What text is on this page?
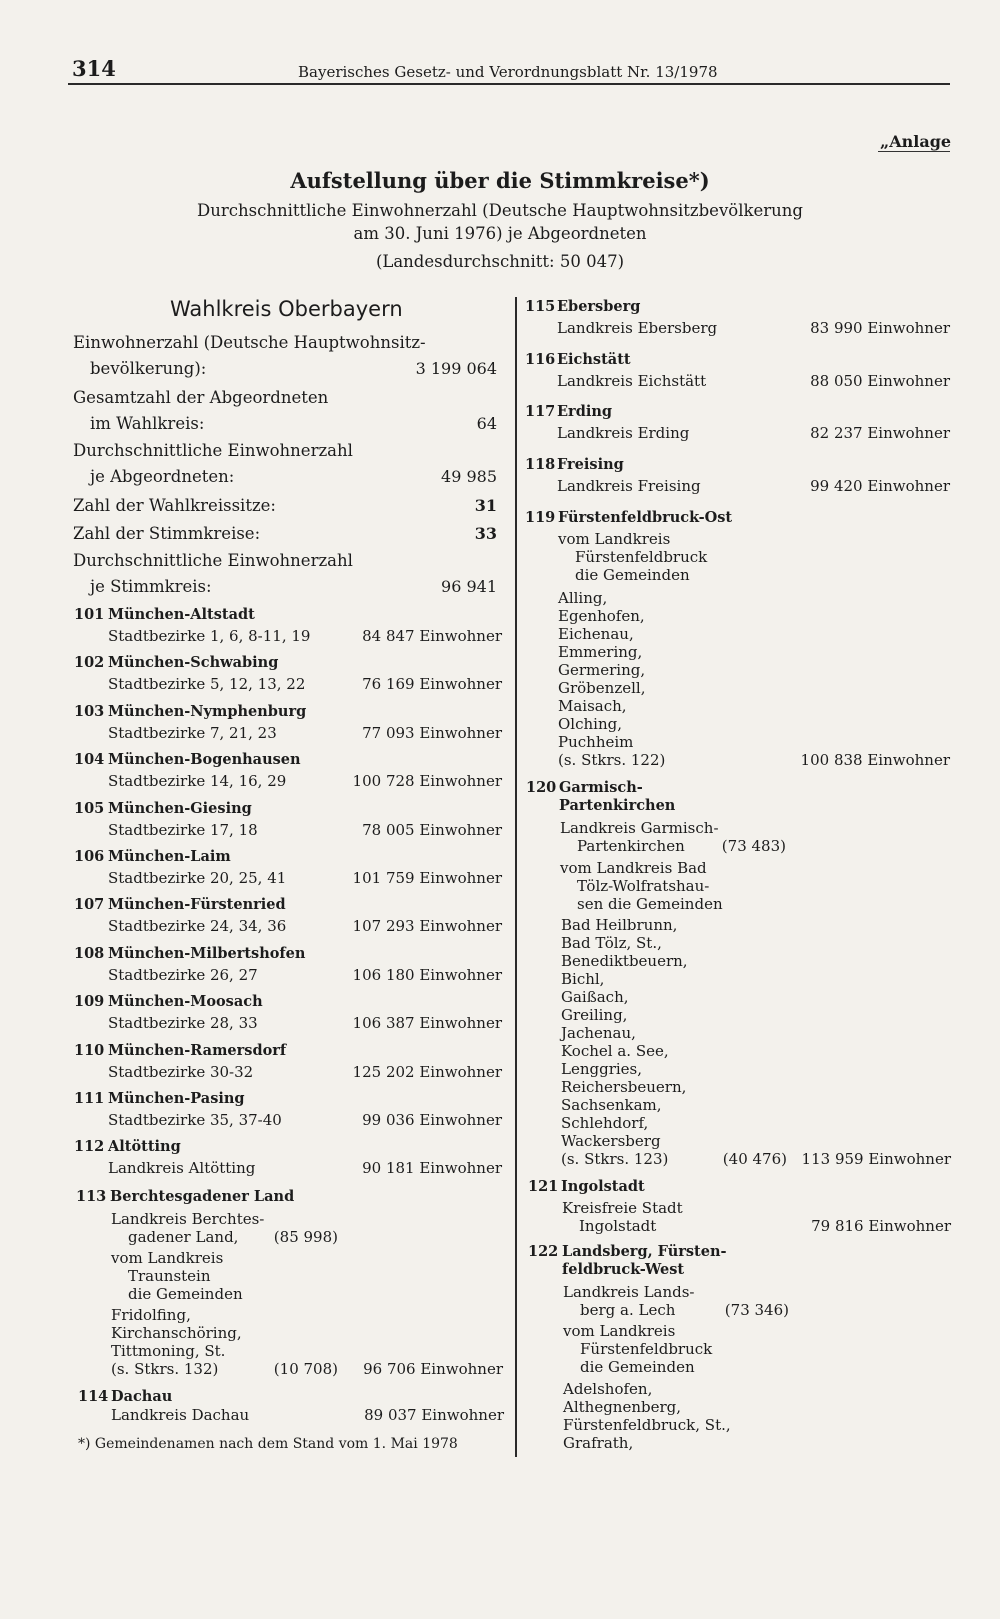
314	Bayerisches Gesetz- und Verordnungsblatt Nr. 13/1978
„Anlage
Aufstellung über die Stimmkreise*)
Durchschnittliche Einwohnerzahl (Deutsche Hauptwohnsitzbevölkerung
am 30. Juni 1976) je Abgeordneten
(Landesdurchschnitt: 50 047)
Wahlkreis Oberbayern
Einwohnerzahl (Deutsche Hauptwohnsitz-
bevölkerung):	3 199 064
Gesamtzahl der Abgeordneten
im Wahlkreis:	64
Durchschnittliche Einwohnerzahl
je Abgeordneten:	49 985
Zahl der Wahlkreissitze:	31
Zahl der Stimmkreise:	33
Durchschnittliche Einwohnerzahl
je Stimmkreis:	96 941
101 München-Altstadt
Stadtbezirke 1, 6, 8-11, 19	84 847 Einwohner
102 München-Schwabing
Stadtbezirke 5, 12, 13, 22	76 169 Einwohner
103 München-Nymphenburg
Stadtbezirke 7, 21, 23	77 093 Einwohner
104 München-Bogenhausen
Stadtbezirke 14, 16, 29	100 728 Einwohner
105 München-Giesing
Stadtbezirke 17, 18	78 005 Einwohner
106 München-Laim
Stadtbezirke 20, 25, 41	101 759 Einwohner
107 München-Fürstenried
Stadtbezirke 24, 34, 36	107 293 Einwohner
108 München-Milbertshofen
Stadtbezirke 26, 27	106 180 Einwohner
109 München-Moosach
Stadtbezirke 28, 33	106 387 Einwohner
110 München-Ramersdorf
Stadtbezirke 30-32	125 202 Einwohner
111 München-Pasing
Stadtbezirke 35, 37-40	99 036 Einwohner
112 Altötting
Landkreis Altötting	90 181 Einwohner
113 Berchtesgadener Land
Landkreis Berchtes-
gadener Land, (85 998)
vom Landkreis
Traunstein
die Gemeinden
Fridolfing,
Kirchanschöring,
Tittmoning, St.
(s. Stkrs. 132)	(10 708) 96 706 Einwohner
114 Dachau
Landkreis Dachau	89 037 Einwohner
115 Ebersberg
Landkreis Ebersberg	83 990 Einwohner
116 Eichstätt
Landkreis Eichstätt	88 050 Einwohner
117 Erding
Landkreis Erding	82 237 Einwohner
118 Freising
Landkreis Freising	99 420 Einwohner
119 Fürstenfeldbruck-Ost
vom Landkreis
Fürstenfeldbruck
die Gemeinden
Alling,
Egenhofen,
Eichenau,
Emmering,
Germering,
Gröbenzell,
Maisach,
Olching,
Puchheim
(s. Stkrs. 122)	100 838 Einwohner
120 Garmisch-
Partenkirchen
Landkreis Garmisch-
Partenkirchen (73 483)
vom Landkreis Bad
Tölz-Wolfratshau-
sen die Gemeinden
Bad Heilbrunn,
Bad Tölz, St.,
Benediktbeuern,
Bichl,
Gaißach,
Greiling,
Jachenau,
Kochel a. See,
Lenggries,
Reichersbeuern,
Sachsenkam,
Schlehdorf,
Wackersberg
(s. Stkrs. 123)	(40 476) 113 959 Einwohner
121 Ingolstadt
Kreisfreie Stadt
Ingolstadt	79 816 Einwohner
122 Landsberg, Fürsten-
feldbruck-West
Landkreis Lands-
berg a. Lech	(73 346)
vom Landkreis
Fürstenfeldbruck
die Gemeinden
Adelshofen,
Althegnenberg,
Fürstenfeldbruck, St.,
Grafrath,
*) Gemeindenamen nach dem Stand vom 1. Mai 1978
